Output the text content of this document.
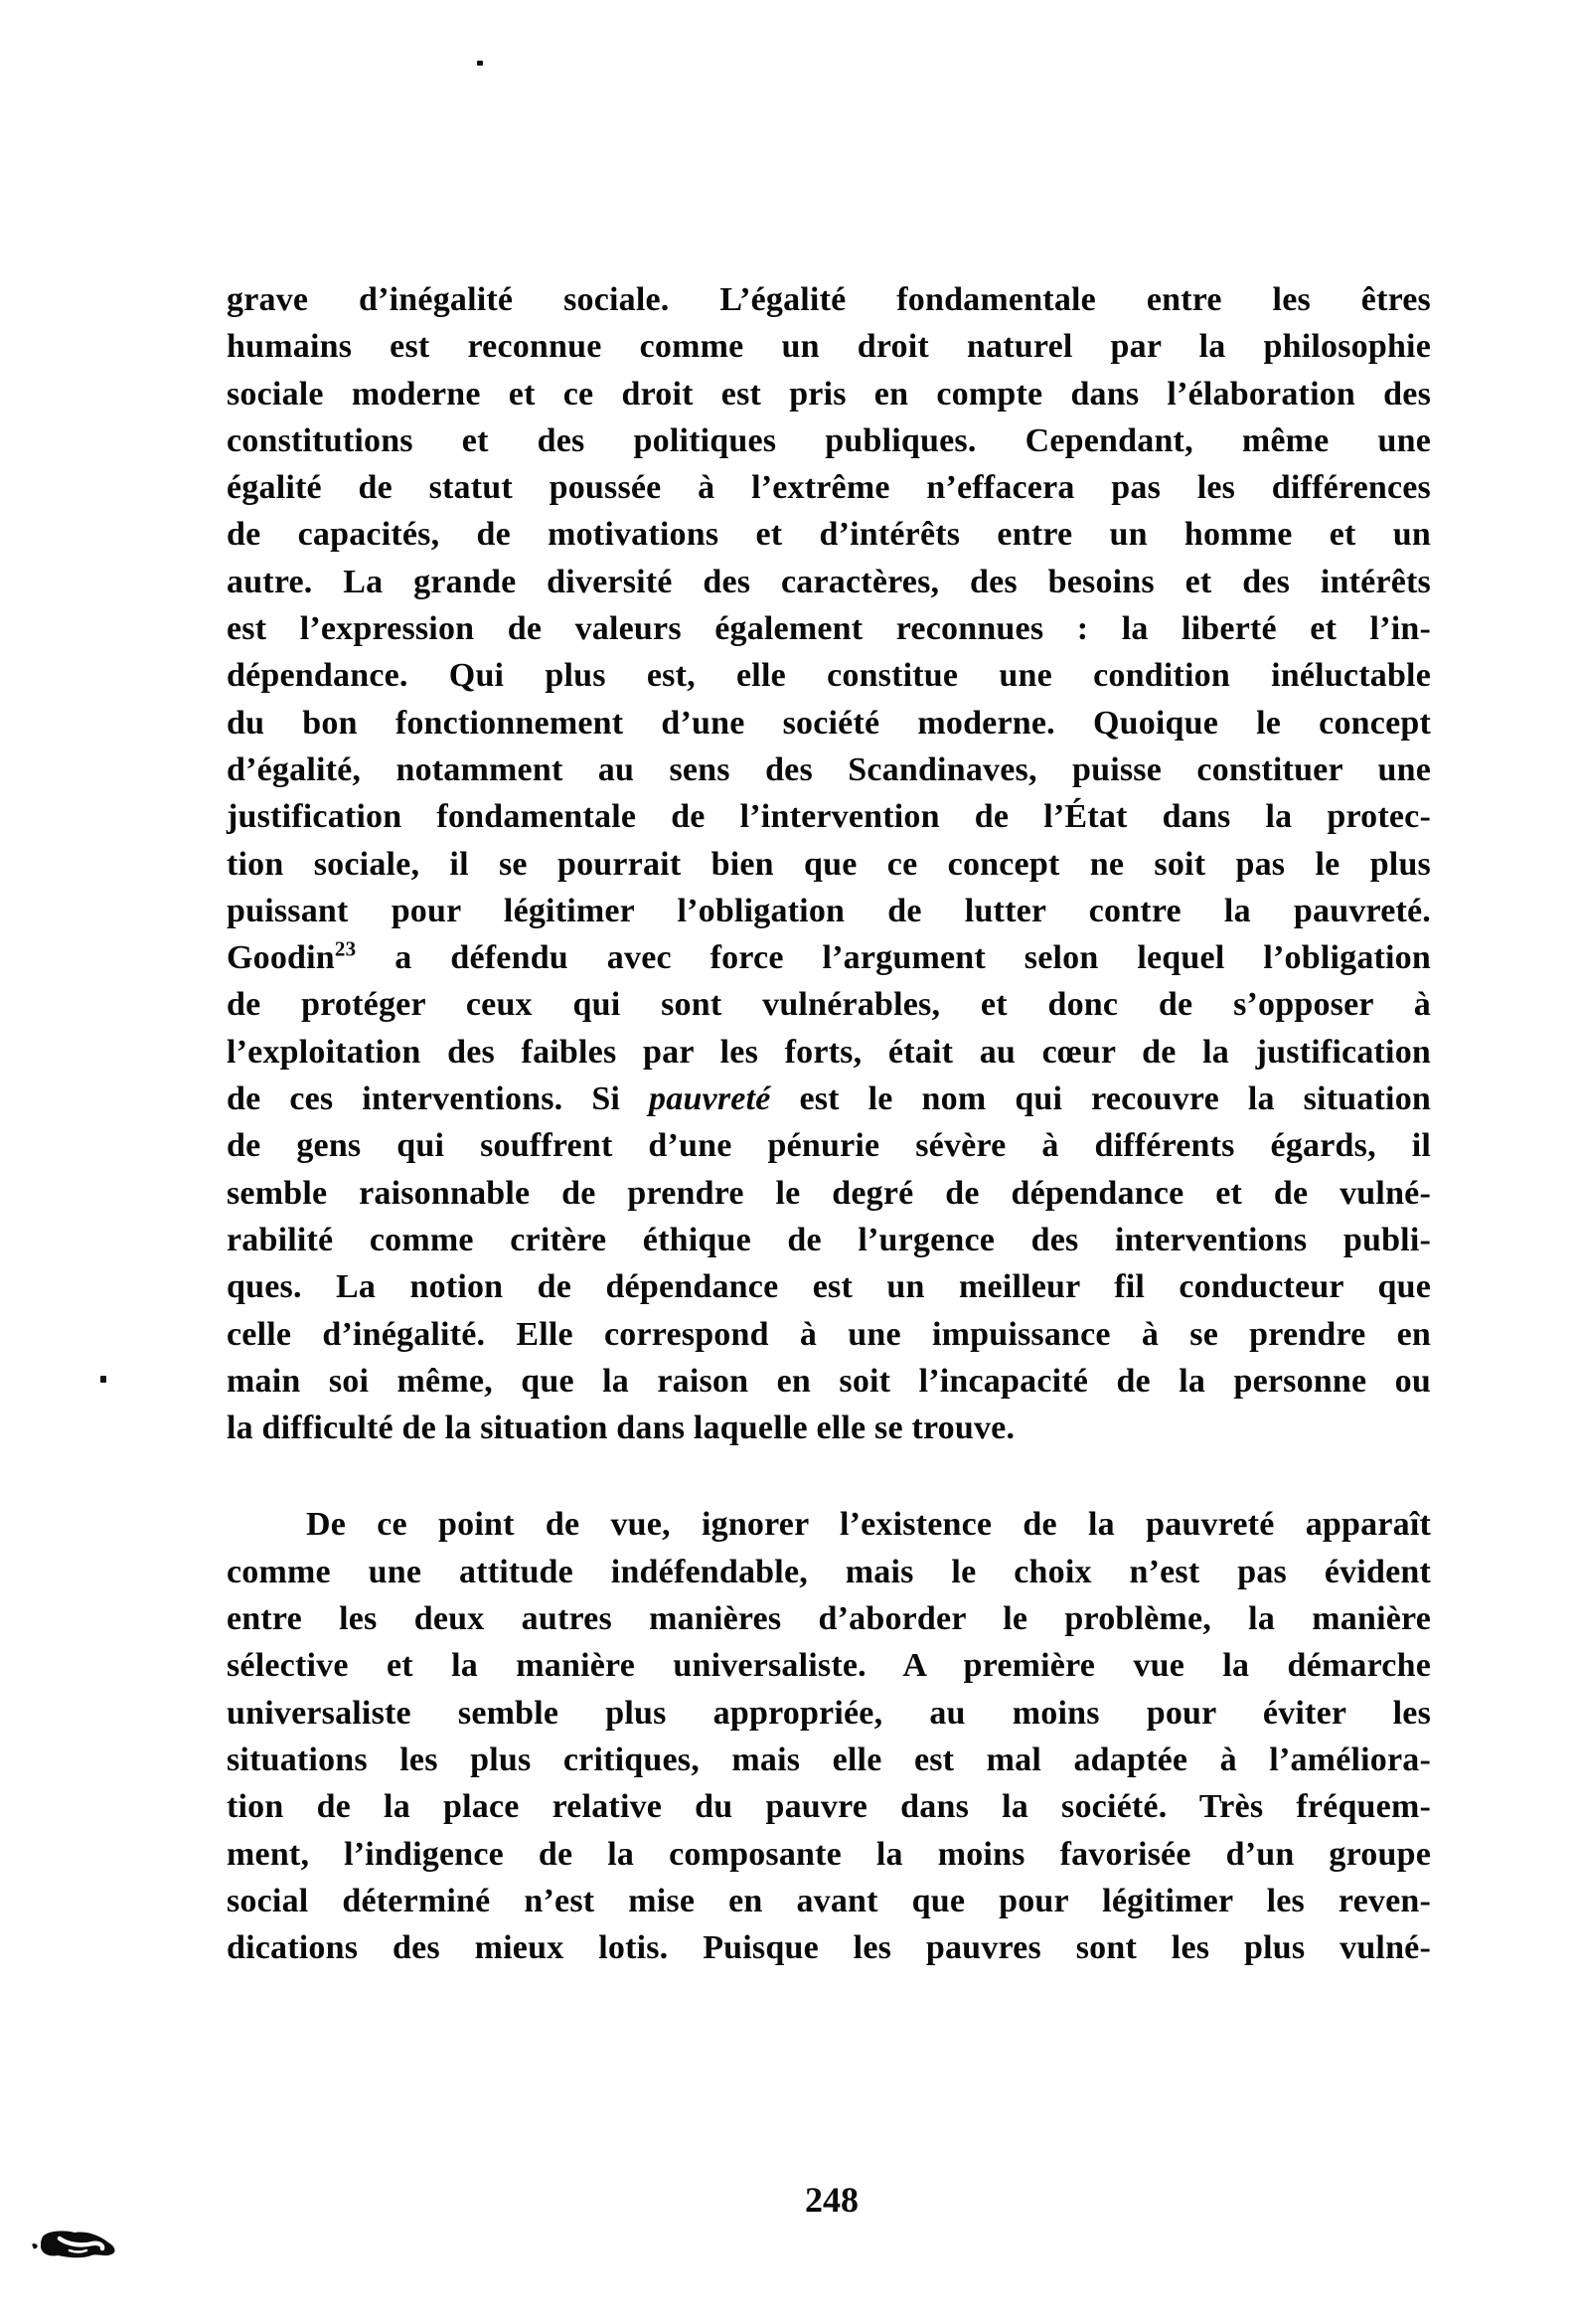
grave d’inégalité sociale. L’égalité fondamentale entre les êtres
humains est reconnue comme un droit naturel par la philosophie
sociale moderne et ce droit est pris en compte dans l’élaboration des
constitutions et des politiques publiques. Cependant, même une
égalité de statut poussée à l’extrême n’effacera pas les différences
de capacités, de motivations et d’intérêts entre un homme et un
autre. La grande diversité des caractères, des besoins et des intérêts
est l’expression de valeurs également reconnues : la liberté et l’in-
dépendance. Qui plus est, elle constitue une condition inéluctable
du bon fonctionnement d’une société moderne. Quoique le concept
d’égalité, notamment au sens des Scandinaves, puisse constituer une
justification fondamentale de l’intervention de l’État dans la protec-
tion sociale, il se pourrait bien que ce concept ne soit pas le plus
puissant pour légitimer l’obligation de lutter contre la pauvreté.
Goodin$^{23}$ a défendu avec force l’argument selon lequel l’obligation
de protéger ceux qui sont vulnérables, et donc de s’opposer à
l’exploitation des faibles par les forts, était au cœur de la justification
de ces interventions. Si pauvreté est le nom qui recouvre la situation
de gens qui souffrent d’une pénurie sévère à différents égards, il
semble raisonnable de prendre le degré de dépendance et de vulné-
rabilité comme critère éthique de l’urgence des interventions publi-
ques. La notion de dépendance est un meilleur fil conducteur que
celle d’inégalité. Elle correspond à une impuissance à se prendre en
main soi même, que la raison en soit l’incapacité de la personne ou
la difficulté de la situation dans laquelle elle se trouve.
De ce point de vue, ignorer l’existence de la pauvreté apparaît
comme une attitude indéfendable, mais le choix n’est pas évident
entre les deux autres manières d’aborder le problème, la manière
sélective et la manière universaliste. A première vue la démarche
universaliste semble plus appropriée, au moins pour éviter les
situations les plus critiques, mais elle est mal adaptée à l’améliora-
tion de la place relative du pauvre dans la société. Très fréquem-
ment, l’indigence de la composante la moins favorisée d’un groupe
social déterminé n’est mise en avant que pour légitimer les reven-
dications des mieux lotis. Puisque les pauvres sont les plus vulné-
248
